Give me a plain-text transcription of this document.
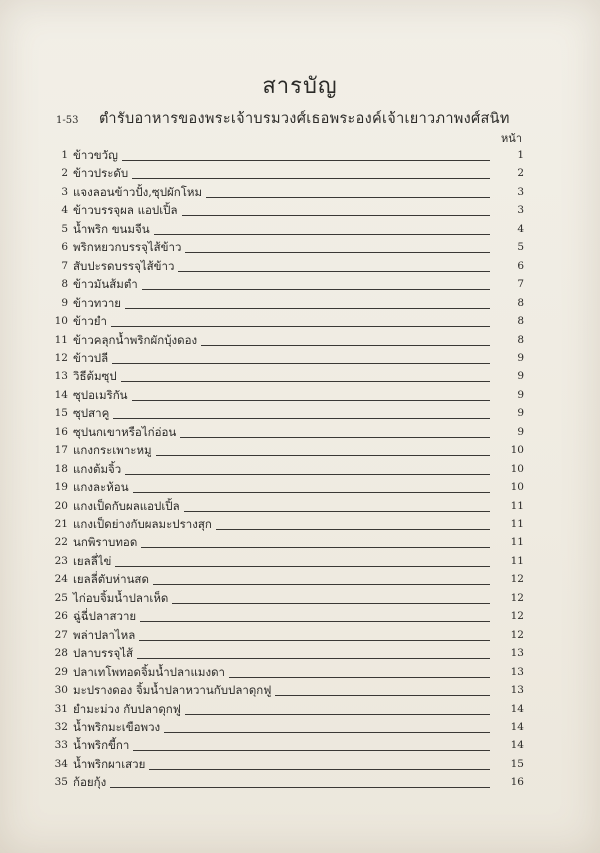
สารบัญ
1-53 ตำรับอาหารของพระเจ้าบรมวงศ์เธอพระองค์เจ้าเยาวภาพงศ์สนิท
หน้า
1 ข้าวขวัญ	1
2 ข้าวประดับ	2
3 แจงลอนข้าวปั้ง,ซุปผักโหม	3
4 ข้าวบรรจุผล แอปเปิ้ล	3
5 น้ำพริก ขนมจีน	4
6 พริกหยวกบรรจุไส้ข้าว	5
7 สับปะรดบรรจุไส้ข้าว	6
8 ข้าวมันส้มตำ	7
9 ข้าวทวาย	8
10 ข้าวยำ	8
11 ข้าวคลุกน้ำพริกผักบุ้งดอง	8
12 ข้าวปลี	9
13 วิธีต้มซุป	9
14 ซุปอเมริกัน	9
15 ซุปสาคู	9
16 ซุปนกเขาหรือไก่อ่อน	9
17 แกงกระเพาะหมู	10
18 แกงต้มจิ้ว	10
19 แกงละห้อน	10
20 แกงเป็ดกับผลแอปเปิ้ล	11
21 แกงเป็ดย่างกับผลมะปรางสุก	11
22 นกพิราบทอด	11
23 เยลลี่ไข่	11
24 เยลลี่ตับห่านสด	12
25 ไก่อบจิ้มน้ำปลาเห็ด	12
26 ฉู่ฉี่ปลาสวาย	12
27 พล่าปลาไหล	12
28 ปลาบรรจุไส้	13
29 ปลาเทโพทอดจิ้มน้ำปลาแมงดา	13
30 มะปรางดอง จิ้มน้ำปลาหวานกับปลาดุกฟู	13
31 ยำมะม่วง กับปลาดุกฟู	14
32 น้ำพริกมะเขือพวง	14
33 น้ำพริกขี้กา	14
34 น้ำพริกผาเสวย	15
35 ก้อยกุ้ง	16
